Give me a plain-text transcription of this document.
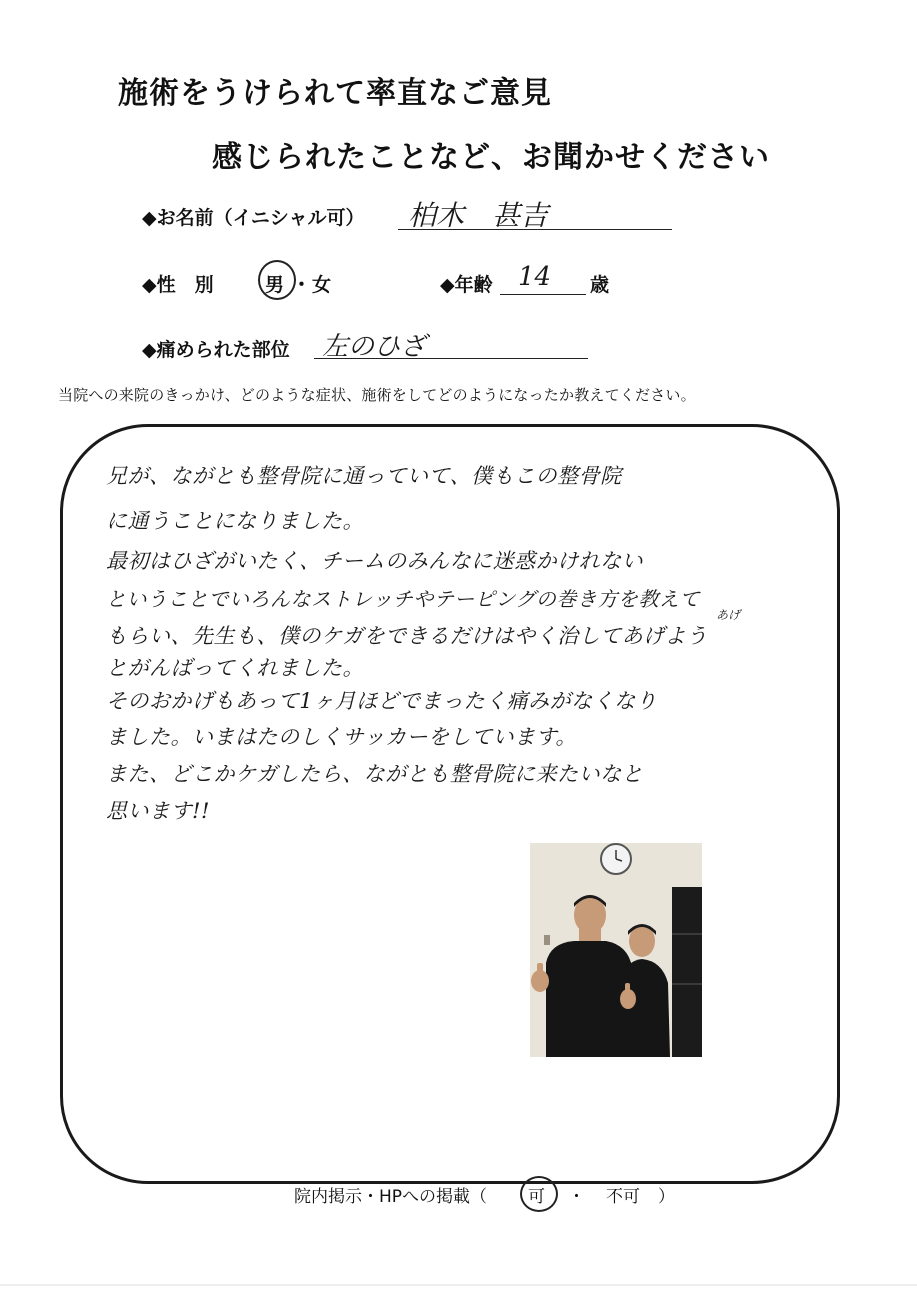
施術をうけられて率直なご意見
感じられたことなど、お聞かせください
◆お名前（イニシャル可） 柏木　甚吉
◆性　別	男 ・ 女	◆年齢 14 歳
◆痛められた部位 左のひざ
当院への来院のきっかけ、どのような症状、施術をしてどのようになったか教えてください。
兄が、ながとも整骨院に通っていて、僕もこの整骨院
に通うことになりました。
最初はひざがいたく、チームのみんなに迷惑かけれない
ということでいろんなストレッチやテーピングの巻き方を教えて
あげ
もらい、先生も、僕のケガをできるだけはやく治してあげよう
とがんばってくれました。
そのおかげもあって1ヶ月ほどでまったく痛みがなくなり
ました。いまはたのしくサッカーをしています。
また、どこかケガしたら、ながとも整骨院に来たいなと
思います!!
院内掲示・HPへの掲載（ 可 ・ 不可 ）
